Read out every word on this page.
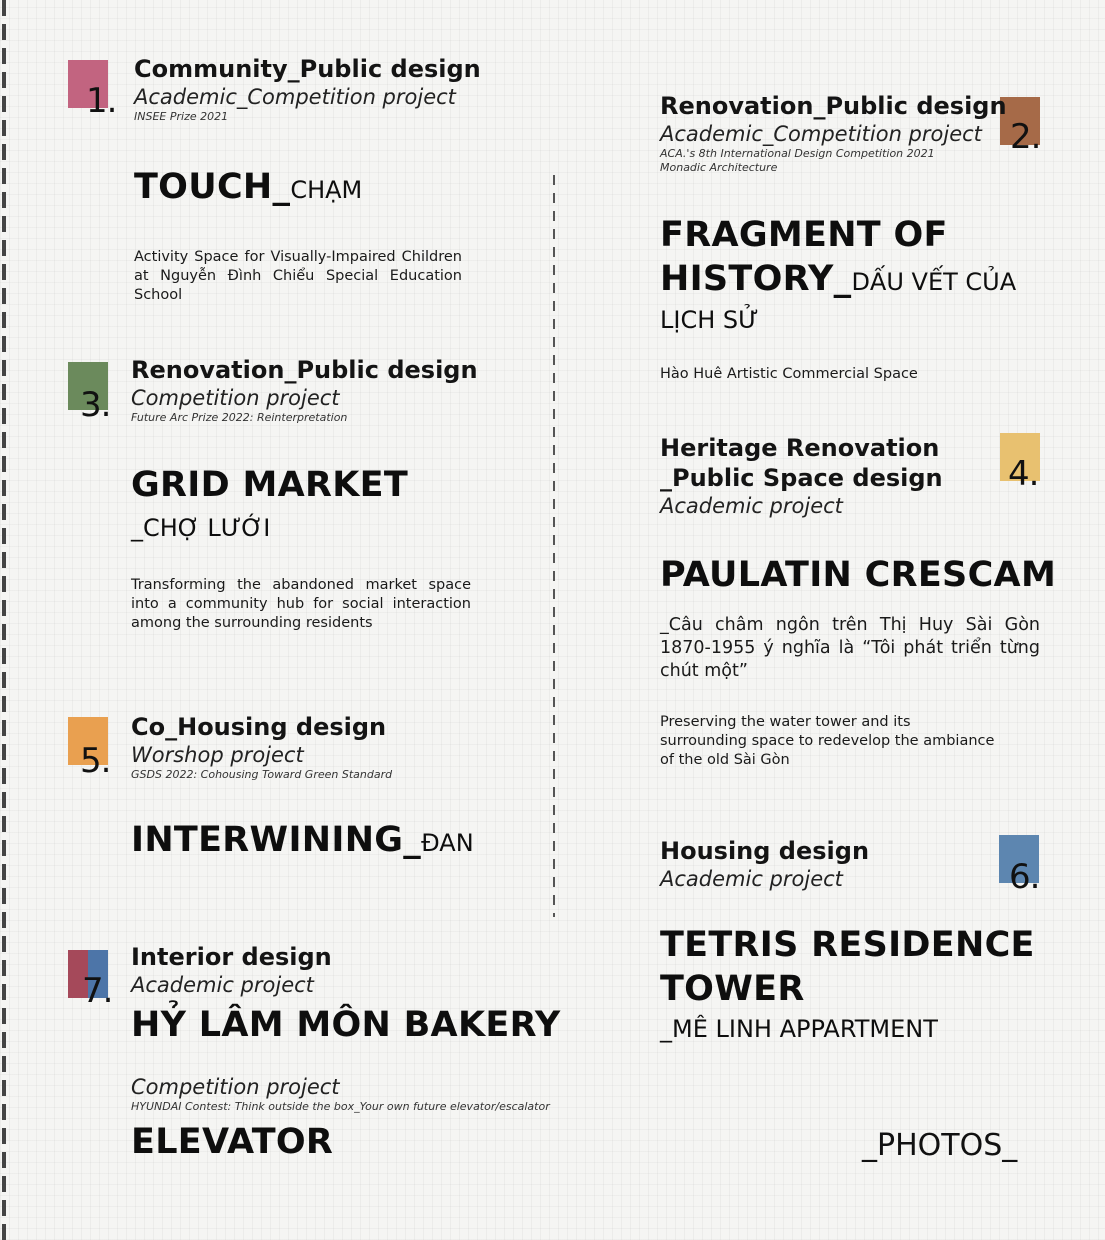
1.
Community_Public design
Academic_Competition project
INSEE Prize 2021
TOUCH_CHẠM
Activity Space for Visually-Impaired Children at Nguyễn Đình Chiểu Special Education School
2.
Renovation_Public design
Academic_Competition project
ACA.'s 8th International Design Competition 2021
Monadic Architecture
FRAGMENT OF
HISTORY_DẤU VẾT CỦA
LỊCH SỬ
Hào Huê Artistic Commercial Space
3.
Renovation_Public design
Competition project
Future Arc Prize 2022: Reinterpretation
GRID MARKET
_CHỢ LƯỚI
Transforming the abandoned market space into a community hub for social interaction among the surrounding residents
4.
Heritage Renovation
_Public Space design
Academic project
PAULATIN CRESCAM
_Câu châm ngôn trên Thị Huy Sài Gòn 1870-1955 ý nghĩa là “Tôi phát triển từng chút một”
Preserving the water tower and its surrounding space to redevelop the ambiance of the old Sài Gòn
5.
Co_Housing design
Worshop project
GSDS 2022: Cohousing Toward Green Standard
INTERWINING_ĐAN
6.
Housing design
Academic project
TETRIS RESIDENCE
TOWER
_MÊ LINH APPARTMENT
7.
Interior design
Academic project
HỶ LÂM MÔN BAKERY
Competition project
HYUNDAI Contest: Think outside the box_Your own future elevator/escalator
ELEVATOR	_PHOTOS_
